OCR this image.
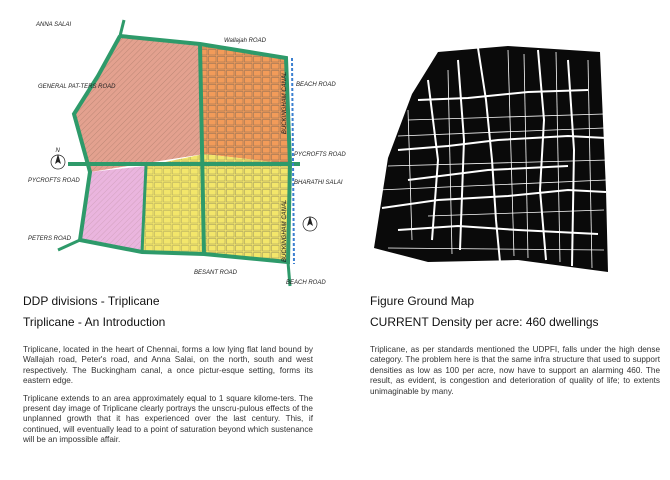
N
ANNA SALAI
Wallajah ROAD
GENERAL PAT-TERS ROAD	BEACH ROAD
PYCROFTS ROAD
BHARATHI SALAI
PYCROFTS ROAD
PETERS ROAD
BESANT ROAD
BEACH ROAD
BUCKINGHAM CANAL
BUCKINGHAM CANAL
DDP divisions - Triplicane
Triplicane - An Introduction

Triplicane, located in the heart of Chennai, forms a low lying flat land bound by Wallajah road, Peter's road, and Anna Salai, on the north, south and west respectively. The Buckingham canal, a once pictur-esque setting, forms its eastern edge.

Triplicane extends to an area approximately equal to 1 square kilome-ters. The present day image of Triplicane clearly portrays the unscru-pulous effects of the unplanned growth that it has experienced over the last century. This, if continued, will eventually lead to a point of saturation beyond which sustenance will be an impossible affair.

Figure Ground Map
CURRENT Density per acre: 460 dwellings

Triplicane, as per standards mentioned the UDPFI, falls under the high dense category. The problem here is that the same infra structure that used to support densities as low as 100 per acre, now have to support an alarming 460. The result, as evident, is congestion and deterioration of quality of life; to extents unimaginable by many.
